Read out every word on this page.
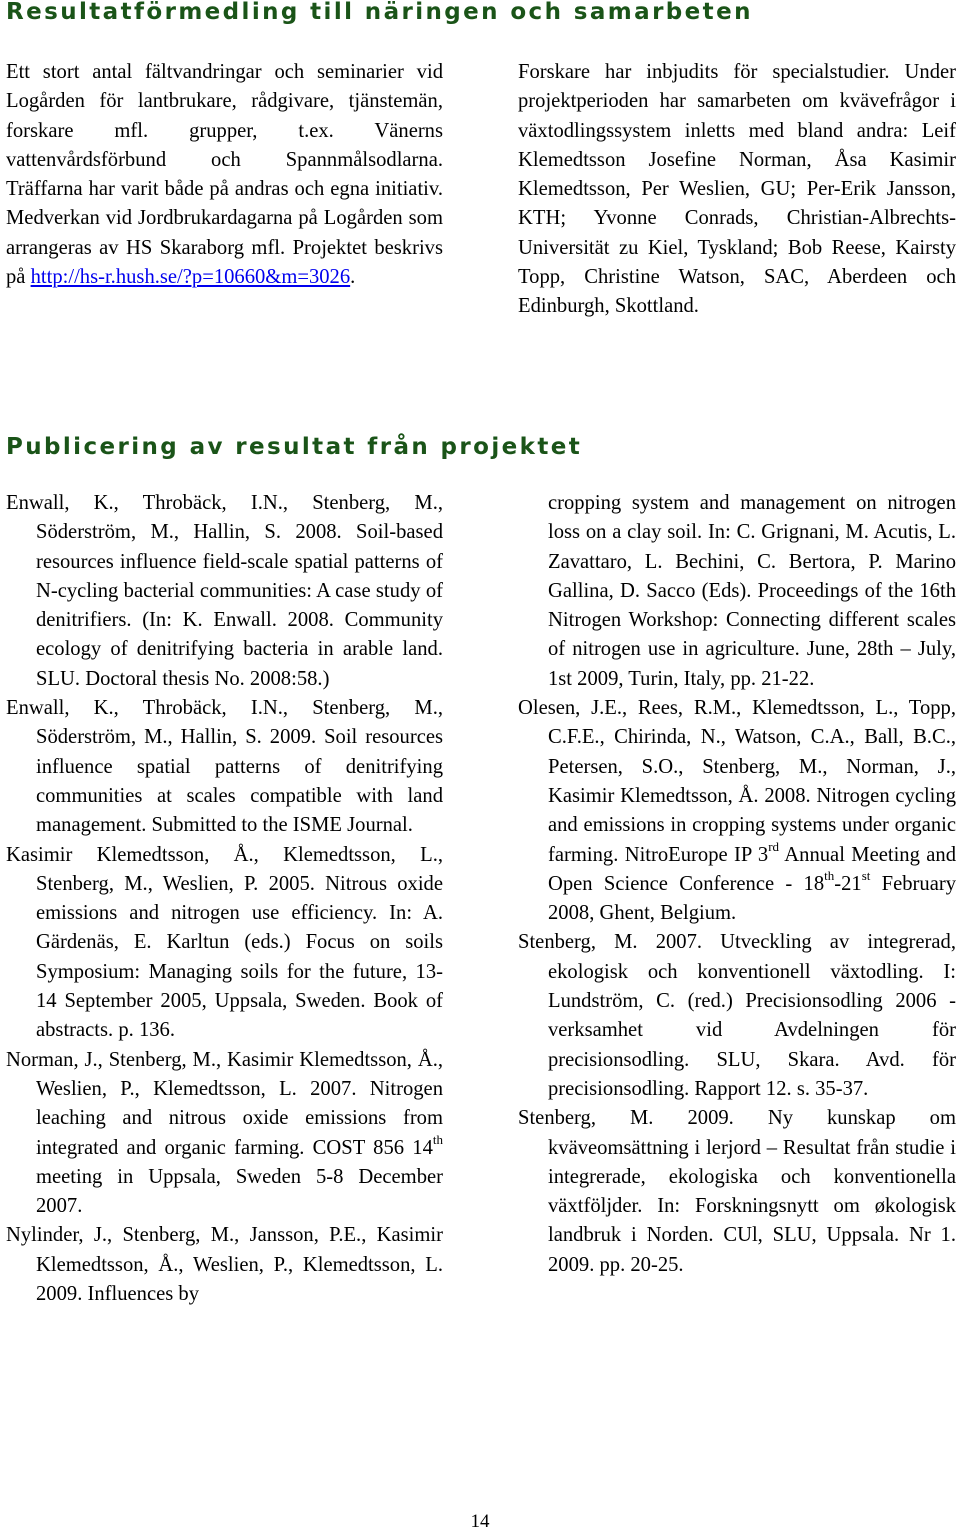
Resultatförmedling till näringen och samarbeten

Ett stort antal fältvandringar och seminarier vid Logården för lantbrukare, rådgivare, tjänstemän, forskare mfl. grupper, t.ex. Vänerns vattenvårdsförbund och Spannmålsodlarna. Träffarna har varit både på andras och egna initiativ. Medverkan vid Jordbrukardagarna på Logården som arrangeras av HS Skaraborg mfl. Projektet beskrivs på http://hs-r.hush.se/?p=10660&m=3026.

Forskare har inbjudits för specialstudier. Under projektperioden har samarbeten om kvävefrågor i växtodlingssystem inletts med bland andra: Leif Klemedtsson Josefine Norman, Åsa Kasimir Klemedtsson, Per Weslien, GU; Per-Erik Jansson, KTH; Yvonne Conrads, Christian-Albrechts-Universität zu Kiel, Tyskland; Bob Reese, Kairsty Topp, Christine Watson, SAC, Aberdeen och Edinburgh, Skottland.

Publicering av resultat från projektet

Enwall, K., Throbäck, I.N., Stenberg, M., Söderström, M., Hallin, S. 2008. Soil-based resources influence field-scale spatial patterns of N-cycling bacterial communities: A case study of denitrifiers. (In: K. Enwall. 2008. Community ecology of denitrifying bacteria in arable land. SLU. Doctoral thesis No. 2008:58.)

Enwall, K., Throbäck, I.N., Stenberg, M., Söderström, M., Hallin, S. 2009. Soil resources influence spatial patterns of denitrifying communities at scales compatible with land management. Submitted to the ISME Journal.

Kasimir Klemedtsson, Å., Klemedtsson, L., Stenberg, M., Weslien, P. 2005. Nitrous oxide emissions and nitrogen use efficiency. In: A. Gärdenäs, E. Karltun (eds.) Focus on soils Symposium: Managing soils for the future, 13-14 September 2005, Uppsala, Sweden. Book of abstracts. p. 136.

Norman, J., Stenberg, M., Kasimir Klemedtsson, Å., Weslien, P., Klemedtsson, L. 2007. Nitrogen leaching and nitrous oxide emissions from integrated and organic farming. COST 856 14th meeting in Uppsala, Sweden 5-8 December 2007.

Nylinder, J., Stenberg, M., Jansson, P.E., Kasimir Klemedtsson, Å., Weslien, P., Klemedtsson, L. 2009. Influences by

cropping system and management on nitrogen loss on a clay soil. In: C. Grignani, M. Acutis, L. Zavattaro, L. Bechini, C. Bertora, P. Marino Gallina, D. Sacco (Eds). Proceedings of the 16th Nitrogen Workshop: Connecting different scales of nitrogen use in agriculture. June, 28th – July, 1st 2009, Turin, Italy, pp. 21-22.

Olesen, J.E., Rees, R.M., Klemedtsson, L., Topp, C.F.E., Chirinda, N., Watson, C.A., Ball, B.C., Petersen, S.O., Stenberg, M., Norman, J., Kasimir Klemedtsson, Å. 2008. Nitrogen cycling and emissions in cropping systems under organic farming. NitroEurope IP 3rd Annual Meeting and Open Science Conference - 18th-21st February 2008, Ghent, Belgium.

Stenberg, M. 2007. Utveckling av integrerad, ekologisk och konventionell växtodling. I: Lundström, C. (red.) Precisionsodling 2006 - verksamhet vid Avdelningen för precisionsodling. SLU, Skara. Avd. för precisionsodling. Rapport 12. s. 35-37.

Stenberg, M. 2009. Ny kunskap om kväveomsättning i lerjord – Resultat från studie i integrerade, ekologiska och konventionella växtföljder. In: Forskningsnytt om økologisk landbruk i Norden. CUl, SLU, Uppsala. Nr 1. 2009. pp. 20-25.

14
